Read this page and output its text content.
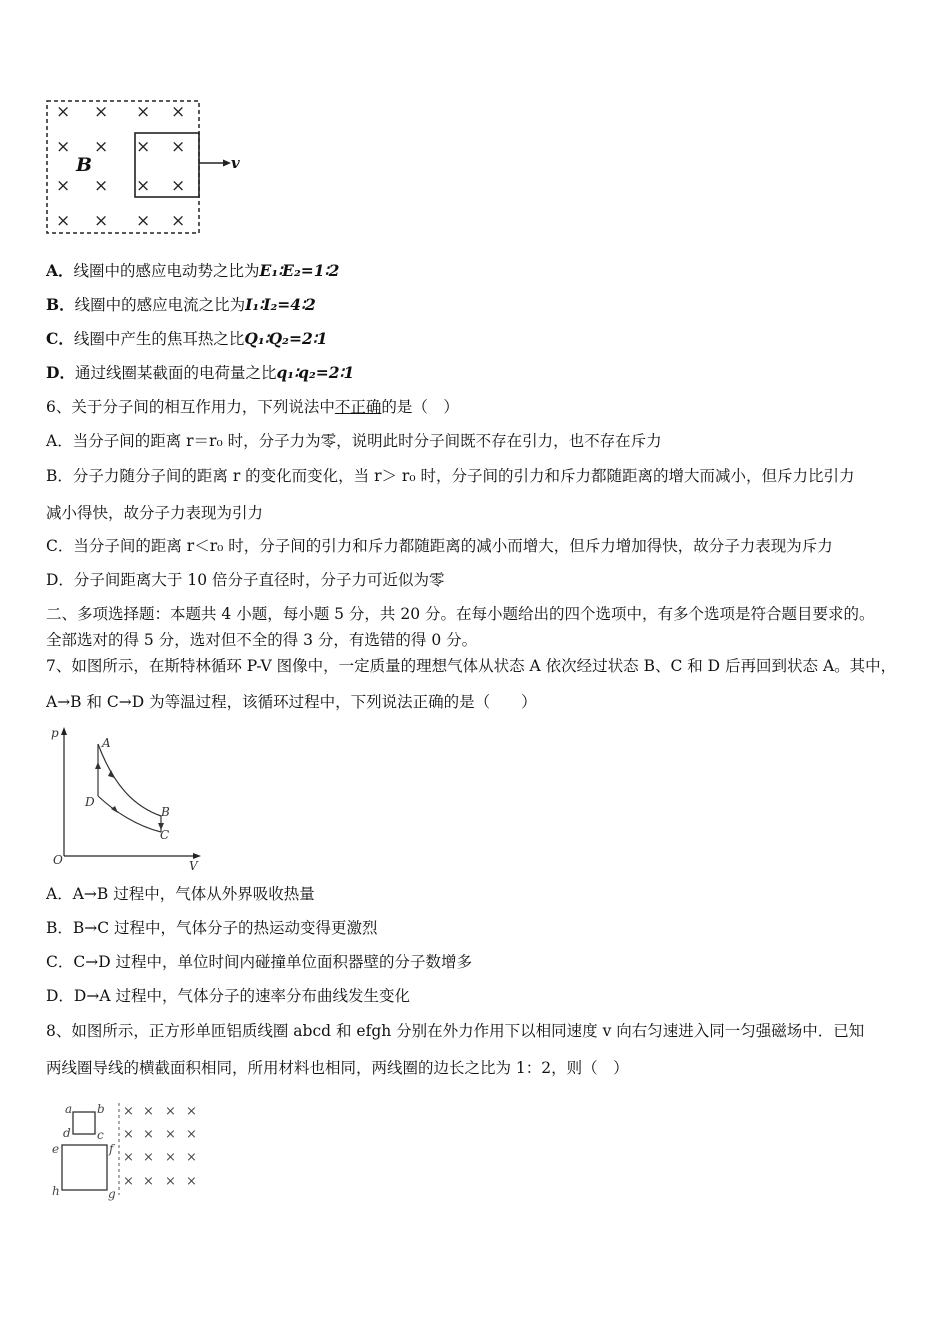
× × × ×
× × × ×
× × × ×
× × × ×
B	v
A．线圈中的感应电动势之比为E₁∶E₂=1∶2
B．线圈中的感应电流之比为I₁∶I₂=4∶2
C．线圈中产生的焦耳热之比Q₁∶Q₂=2∶1
D．通过线圈某截面的电荷量之比q₁∶q₂=2∶1
6、关于分子间的相互作用力，下列说法中不正确的是（　）
A．当分子间的距离 r＝r₀ 时，分子力为零，说明此时分子间既不存在引力，也不存在斥力
B．分子力随分子间的距离 r 的变化而变化，当 r＞ r₀ 时，分子间的引力和斥力都随距离的增大而减小，但斥力比引力
减小得快，故分子力表现为引力
C．当分子间的距离 r＜r₀ 时，分子间的引力和斥力都随距离的减小而增大，但斥力增加得快，故分子力表现为斥力
D．分子间距离大于 10 倍分子直径时，分子力可近似为零
二、多项选择题：本题共 4 小题，每小题 5 分，共 20 分。在每小题给出的四个选项中，有多个选项是符合题目要求的。
全部选对的得 5 分，选对但不全的得 3 分，有选错的得 0 分。
7、如图所示，在斯特林循环 P-V 图像中，一定质量的理想气体从状态 A 依次经过状态 B、C 和 D 后再回到状态 A。其中，
A→B 和 C→D 为等温过程，该循环过程中，下列说法正确的是（　　）
p
V
O
A
B
C
D
A．A→B 过程中，气体从外界吸收热量
B．B→C 过程中，气体分子的热运动变得更激烈
C．C→D 过程中，单位时间内碰撞单位面积器壁的分子数增多
D．D→A 过程中，气体分子的速率分布曲线发生变化
8、如图所示，正方形单匝铝质线圈 abcd 和 efgh 分别在外力作用下以相同速度 v 向右匀速进入同一匀强磁场中．已知
两线圈导线的横截面积相同，所用材料也相同，两线圈的边长之比为 1：2，则（　）
a b
c
d
e	f
g
h
× × × ×
× × × ×
× × × ×
× × × ×
